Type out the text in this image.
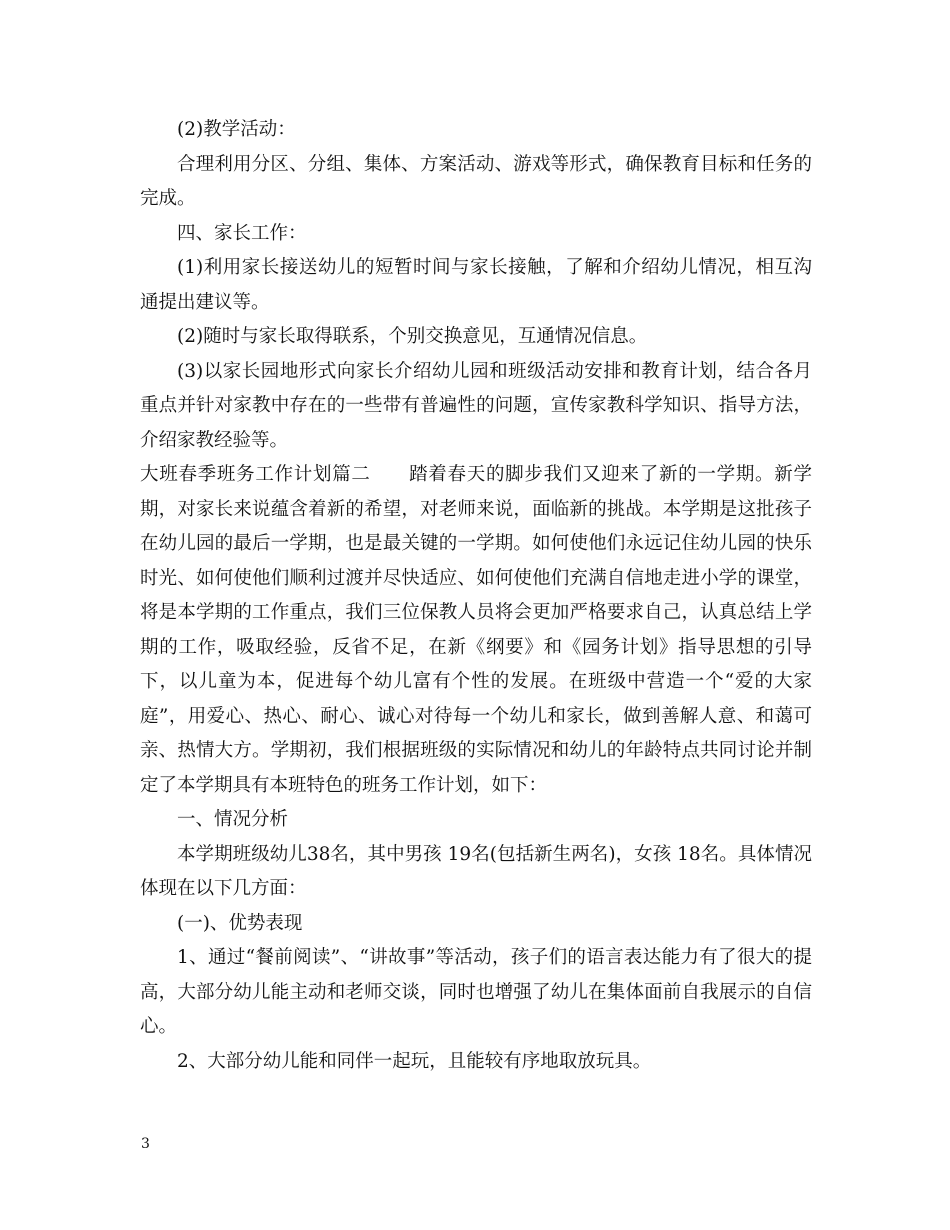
(2)教学活动：

合理利用分区、分组、集体、方案活动、游戏等形式，确保教育目标和任务的完成。

四、家长工作：

(1)利用家长接送幼儿的短暂时间与家长接触，了解和介绍幼儿情况，相互沟通提出建议等。

(2)随时与家长取得联系，个别交换意见，互通情况信息。

(3)以家长园地形式向家长介绍幼儿园和班级活动安排和教育计划，结合各月重点并针对家教中存在的一些带有普遍性的问题，宣传家教科学知识、指导方法，介绍家教经验等。

大班春季班务工作计划篇二　　踏着春天的脚步我们又迎来了新的一学期。新学期，对家长来说蕴含着新的希望，对老师来说，面临新的挑战。本学期是这批孩子在幼儿园的最后一学期，也是最关键的一学期。如何使他们永远记住幼儿园的快乐时光、如何使他们顺利过渡并尽快适应、如何使他们充满自信地走进小学的课堂，将是本学期的工作重点，我们三位保教人员将会更加严格要求自己，认真总结上学期的工作，吸取经验，反省不足，在新《纲要》和《园务计划》指导思想的引导下，以儿童为本，促进每个幼儿富有个性的发展。在班级中营造一个“爱的大家庭”，用爱心、热心、耐心、诚心对待每一个幼儿和家长，做到善解人意、和蔼可亲、热情大方。学期初，我们根据班级的实际情况和幼儿的年龄特点共同讨论并制定了本学期具有本班特色的班务工作计划，如下：

一、情况分析

本学期班级幼儿38名，其中男孩 19名(包括新生两名)，女孩 18名。具体情况体现在以下几方面：

(一)、优势表现

1、通过“餐前阅读”、“讲故事”等活动，孩子们的语言表达能力有了很大的提高，大部分幼儿能主动和老师交谈，同时也增强了幼儿在集体面前自我展示的自信心。

2、大部分幼儿能和同伴一起玩，且能较有序地取放玩具。

3
